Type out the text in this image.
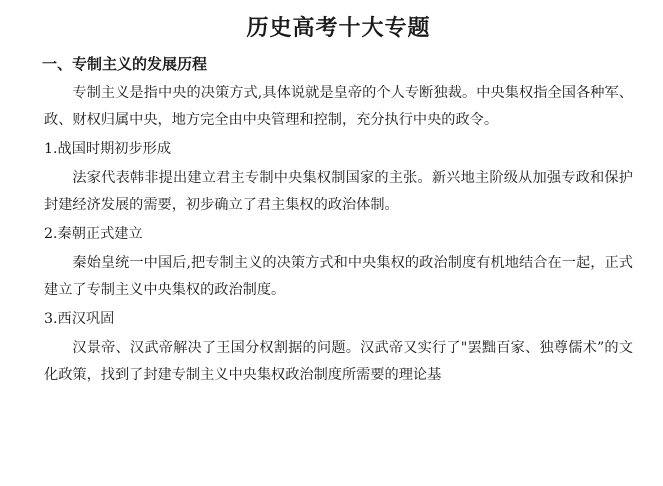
历史高考十大专题
一、专制主义的发展历程

专制主义是指中央的决策方式,具体说就是皇帝的个人专断独裁。中央集权指全国各种军、政、财权归属中央，地方完全由中央管理和控制，充分执行中央的政令。

1.战国时期初步形成

法家代表韩非提出建立君主专制中央集权制国家的主张。新兴地主阶级从加强专政和保护封建经济发展的需要，初步确立了君主集权的政治体制。

2.秦朝正式建立

秦始皇统一中国后,把专制主义的决策方式和中央集权的政治制度有机地结合在一起，正式建立了专制主义中央集权的政治制度。

3.西汉巩固

汉景帝、汉武帝解决了王国分权割据的问题。汉武帝又实行了"罢黜百家、独尊儒术”的文化政策，找到了封建专制主义中央集权政治制度所需要的理论基
